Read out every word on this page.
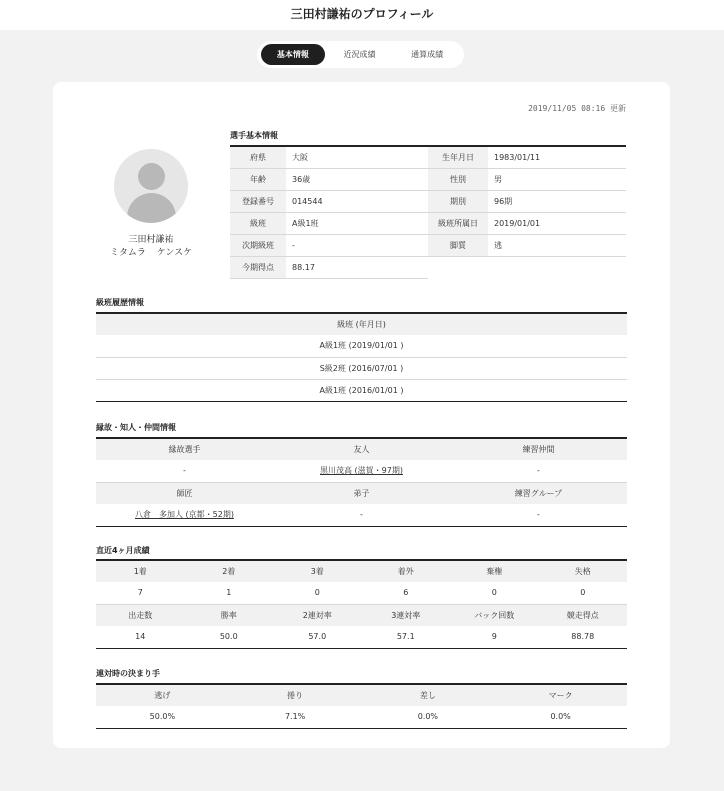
三田村謙祐のプロフィール
基本情報	近況成績	通算成績
2019/11/05 08:16 更新
三田村謙祐
ミタムラ ケンスケ
選手基本情報
府県	大阪	生年月日	1983/01/11
年齢	36歳	性別	男
登録番号	014544	期別	96期
級班	A級1班	級班所属日	2019/01/01
次期級班	-	脚質	逃
今期得点	88.17		
級班履歴情報
級班 (年月日)
A級1班 (2019/01/01 )
S級2班 (2016/07/01 )
A級1班 (2016/01/01 )
縁故・知人・仲間情報
縁故選手	友人	練習仲間
-	黒川茂高 (滋賀・97期)	-
師匠	弟子	練習グループ
八倉　多加人 (京都・52期)	-	-
直近4ヶ月成績
1着	2着	3着	着外	棄権	失格
7	1	0	6	0	0
出走数	勝率	2連対率	3連対率	バック回数	競走得点
14	50.0	57.0	57.1	9	88.78
連対時の決まり手
逃げ	捲り	差し	マーク
50.0%	7.1%	0.0%	0.0%
